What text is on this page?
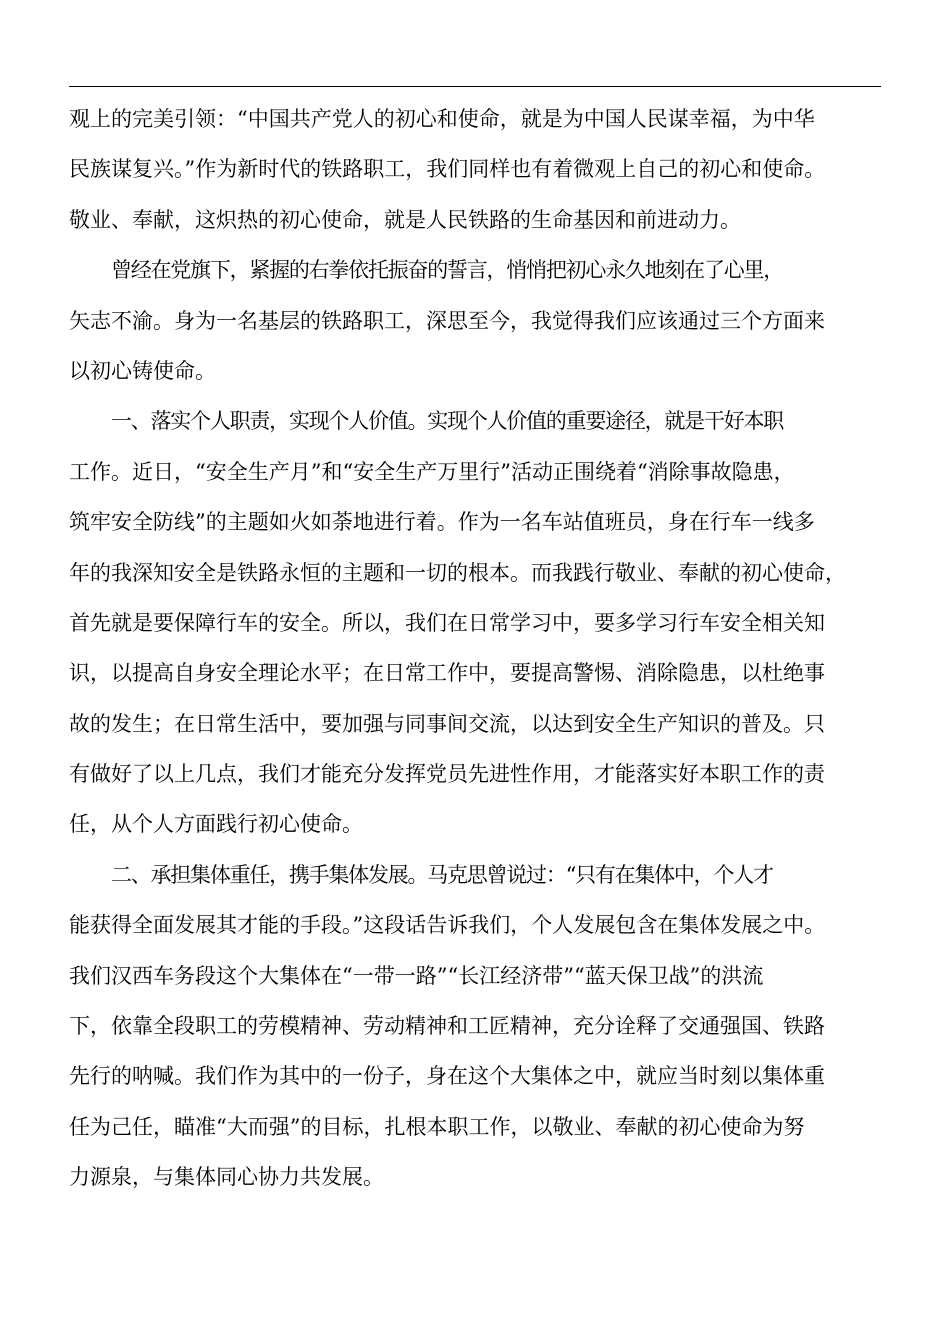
观上的完美引领：“中国共产党人的初心和使命，就是为中国人民谋幸福，为中华
民族谋复兴。”作为新时代的铁路职工，我们同样也有着微观上自己的初心和使命。
敬业、奉献，这炽热的初心使命，就是人民铁路的生命基因和前进动力。
曾经在党旗下，紧握的右拳依托振奋的誓言，悄悄把初心永久地刻在了心里，
矢志不渝。身为一名基层的铁路职工，深思至今，我觉得我们应该通过三个方面来
以初心铸使命。
一、落实个人职责，实现个人价值。实现个人价值的重要途径，就是干好本职
工作。近日，“安全生产月”和“安全生产万里行”活动正围绕着“消除事故隐患，
筑牢安全防线”的主题如火如荼地进行着。作为一名车站值班员，身在行车一线多
年的我深知安全是铁路永恒的主题和一切的根本。而我践行敬业、奉献的初心使命，
首先就是要保障行车的安全。所以，我们在日常学习中，要多学习行车安全相关知
识，以提高自身安全理论水平；在日常工作中，要提高警惕、消除隐患，以杜绝事
故的发生；在日常生活中，要加强与同事间交流，以达到安全生产知识的普及。只
有做好了以上几点，我们才能充分发挥党员先进性作用，才能落实好本职工作的责
任，从个人方面践行初心使命。
二、承担集体重任，携手集体发展。马克思曾说过：“只有在集体中，个人才
能获得全面发展其才能的手段。”这段话告诉我们，个人发展包含在集体发展之中。
我们汉西车务段这个大集体在“一带一路”“长江经济带”“蓝天保卫战”的洪流
下，依靠全段职工的劳模精神、劳动精神和工匠精神，充分诠释了交通强国、铁路
先行的呐喊。我们作为其中的一份子，身在这个大集体之中，就应当时刻以集体重
任为己任，瞄准“大而强”的目标，扎根本职工作，以敬业、奉献的初心使命为努
力源泉，与集体同心协力共发展。
